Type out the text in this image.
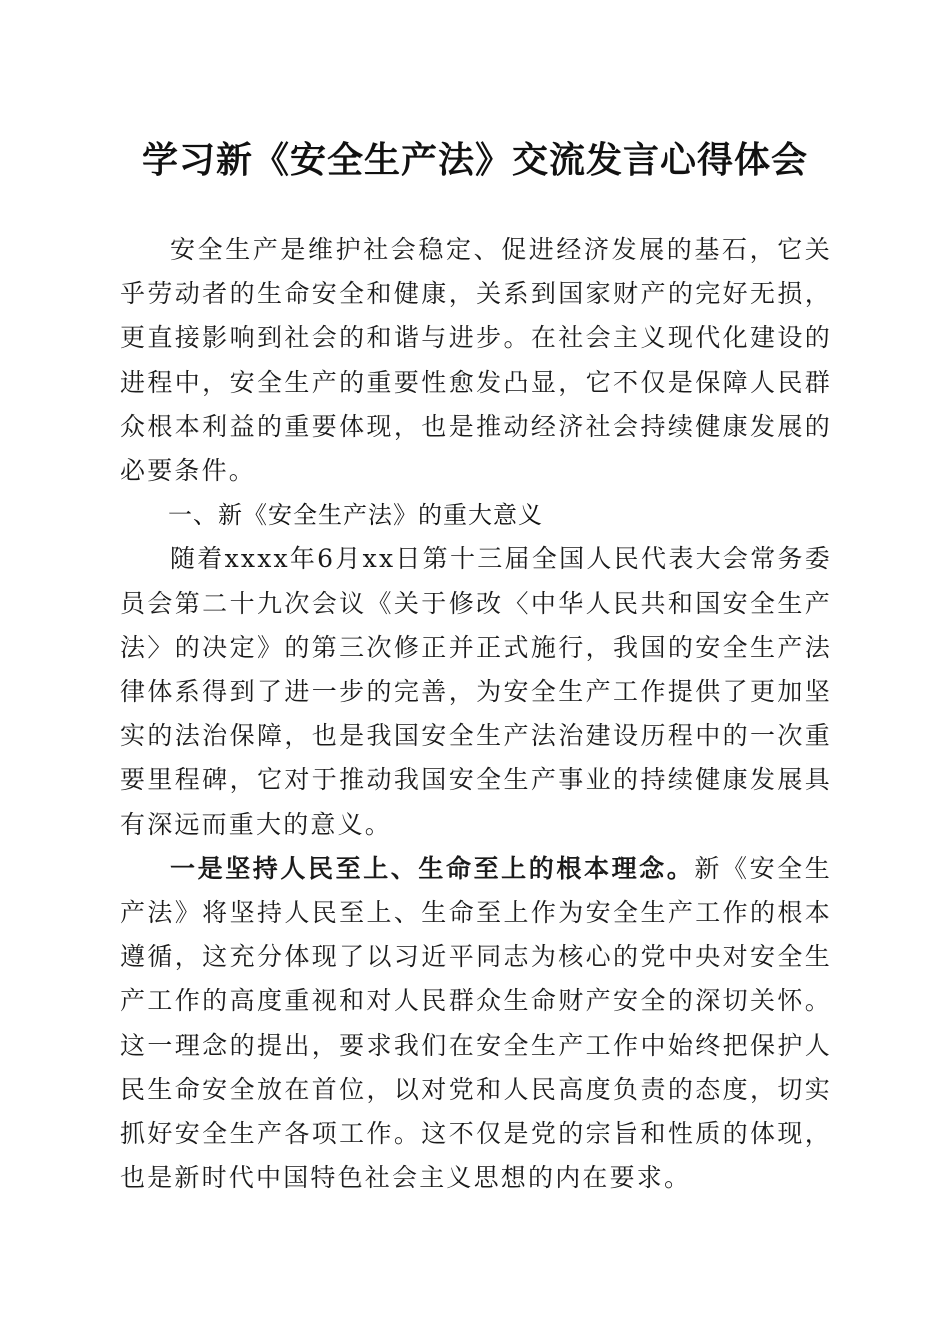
学习新《安全生产法》交流发言心得体会

安全生产是维护社会稳定、促进经济发展的基石，它关乎劳动者的生命安全和健康，关系到国家财产的完好无损，更直接影响到社会的和谐与进步。在社会主义现代化建设的进程中，安全生产的重要性愈发凸显，它不仅是保障人民群众根本利益的重要体现，也是推动经济社会持续健康发展的必要条件。

一、新《安全生产法》的重大意义

随着xxxx年6月xx日第十三届全国人民代表大会常务委员会第二十九次会议《关于修改〈中华人民共和国安全生产法〉的决定》的第三次修正并正式施行，我国的安全生产法律体系得到了进一步的完善，为安全生产工作提供了更加坚实的法治保障，也是我国安全生产法治建设历程中的一次重要里程碑，它对于推动我国安全生产事业的持续健康发展具有深远而重大的意义。

一是坚持人民至上、生命至上的根本理念。新《安全生产法》将坚持人民至上、生命至上作为安全生产工作的根本遵循，这充分体现了以习近平同志为核心的党中央对安全生产工作的高度重视和对人民群众生命财产安全的深切关怀。这一理念的提出，要求我们在安全生产工作中始终把保护人民生命安全放在首位，以对党和人民高度负责的态度，切实抓好安全生产各项工作。这不仅是党的宗旨和性质的体现，也是新时代中国特色社会主义思想的内在要求。
